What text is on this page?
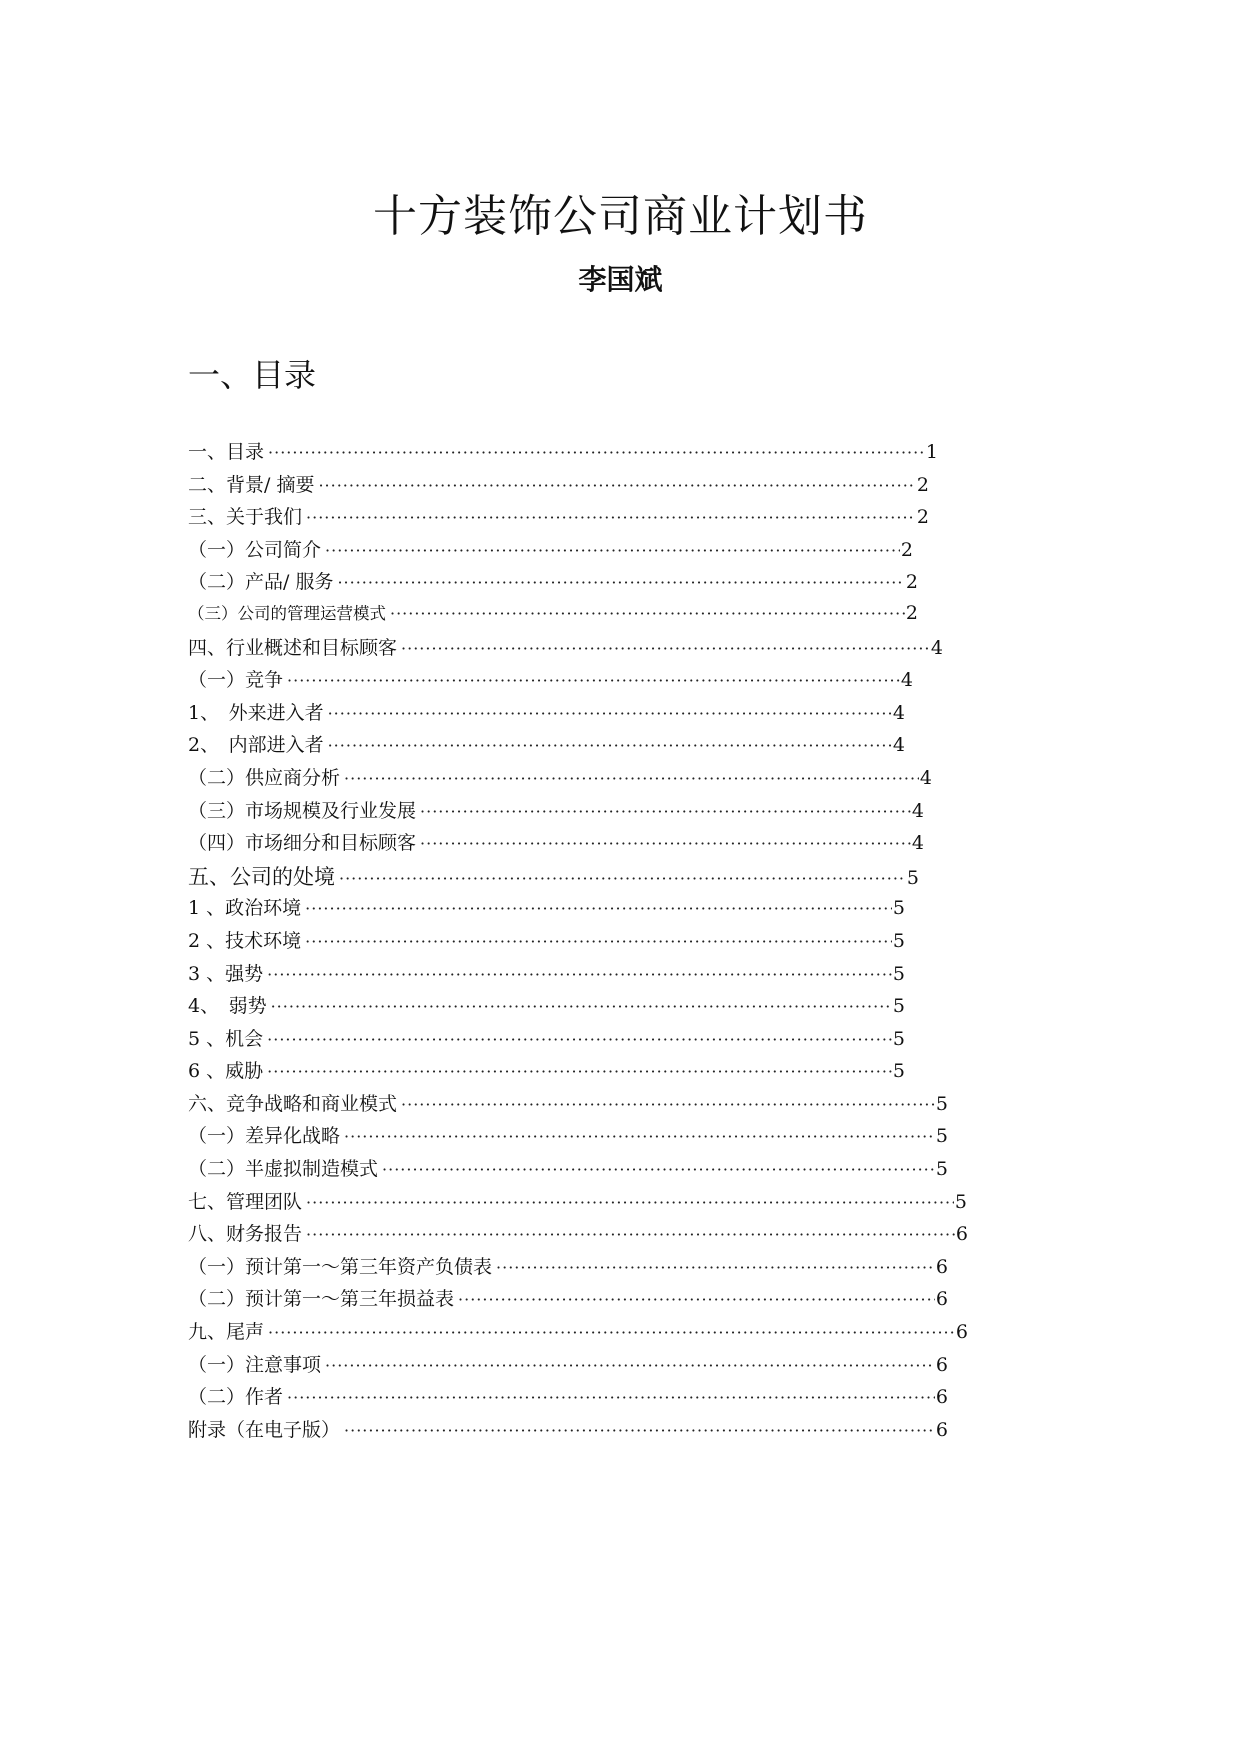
十方装饰公司商业计划书
李国斌
一、目录
一、目录 ·····	1
二、背景/ 摘要 ·····	2
三、关于我们 ·····	2
（一）公司简介 ·····	2
（二）产品/ 服务 ·····	2
（三）公司的管理运营模式 ·····	2
四、行业概述和目标顾客 ·····	4
（一）竞争 ·····	4
1、　外来进入者 ·····	4
2、　内部进入者 ·····	4
（二）供应商分析 ·····	4
（三）市场规模及行业发展 ·····	4
（四）市场细分和目标顾客 ·····	4
五、公司的处境 ·····	5
1 、政治环境 ·····	5
2 、技术环境 ·····	5
3 、强势 ·····	5
4、　弱势 ·····	5
5 、机会 ·····	5
6 、威胁 ·····	5
六、竞争战略和商业模式 ·····	5
（一）差异化战略 ·····	5
（二）半虚拟制造模式 ·····	5
七、管理团队 ·····	5
八、财务报告 ·····	6
（一）预计第一～第三年资产负债表 ·····	6
（二）预计第一～第三年损益表 ·····	6
九、尾声 ·····	6
（一）注意事项 ·····	6
（二）作者 ·····	6
附录（在电子版） ·····	6
